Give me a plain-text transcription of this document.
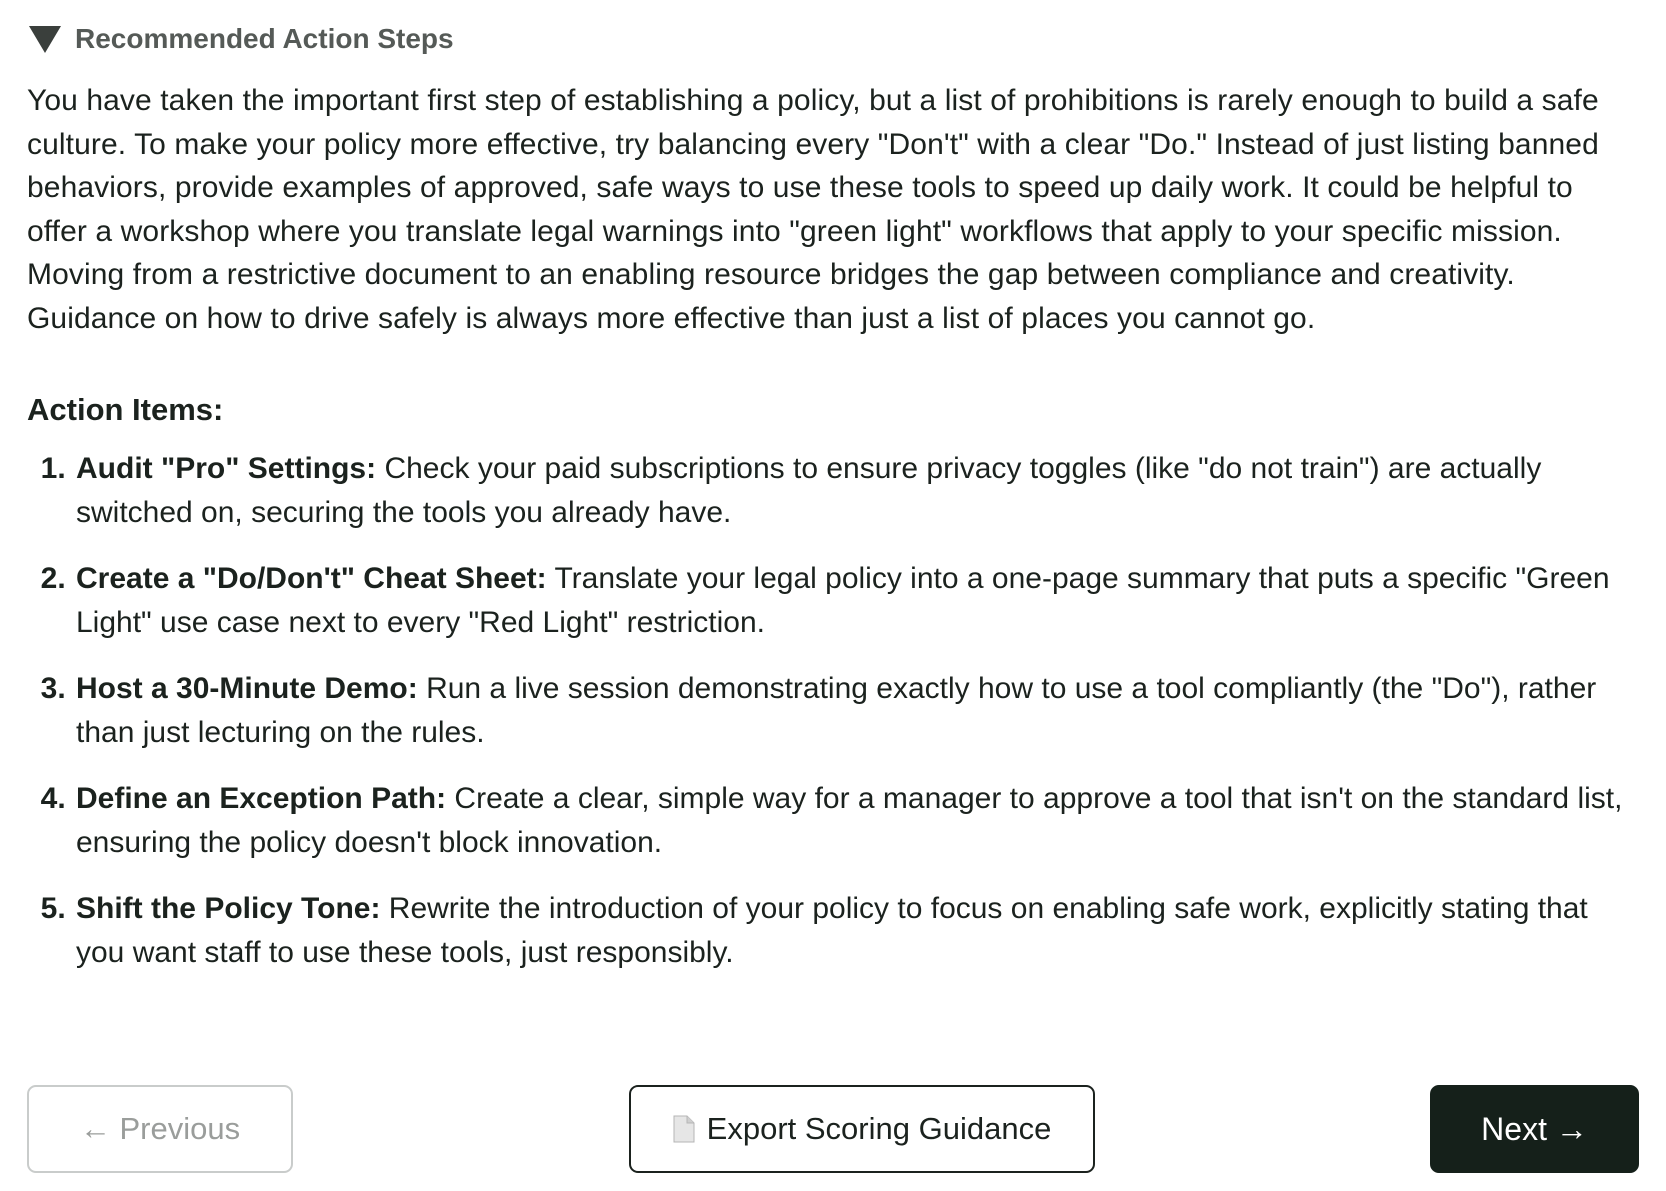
Recommended Action Steps

You have taken the important first step of establishing a policy, but a list of prohibitions is rarely enough to build a safe culture. To make your policy more effective, try balancing every "Don't" with a clear "Do." Instead of just listing banned behaviors, provide examples of approved, safe ways to use these tools to speed up daily work. It could be helpful to offer a workshop where you translate legal warnings into "green light" workflows that apply to your specific mission. Moving from a restrictive document to an enabling resource bridges the gap between compliance and creativity. Guidance on how to drive safely is always more effective than just a list of places you cannot go.

Action Items:
1. Audit "Pro" Settings: Check your paid subscriptions to ensure privacy toggles (like "do not train") are actually switched on, securing the tools you already have.
2. Create a "Do/Don't" Cheat Sheet: Translate your legal policy into a one-page summary that puts a specific "Green Light" use case next to every "Red Light" restriction.
3. Host a 30-Minute Demo: Run a live session demonstrating exactly how to use a tool compliantly (the "Do"), rather than just lecturing on the rules.
4. Define an Exception Path: Create a clear, simple way for a manager to approve a tool that isn't on the standard list, ensuring the policy doesn't block innovation.
5. Shift the Policy Tone: Rewrite the introduction of your policy to focus on enabling safe work, explicitly stating that you want staff to use these tools, just responsibly.
←
Previous	Export Scoring Guidance	Next
→
